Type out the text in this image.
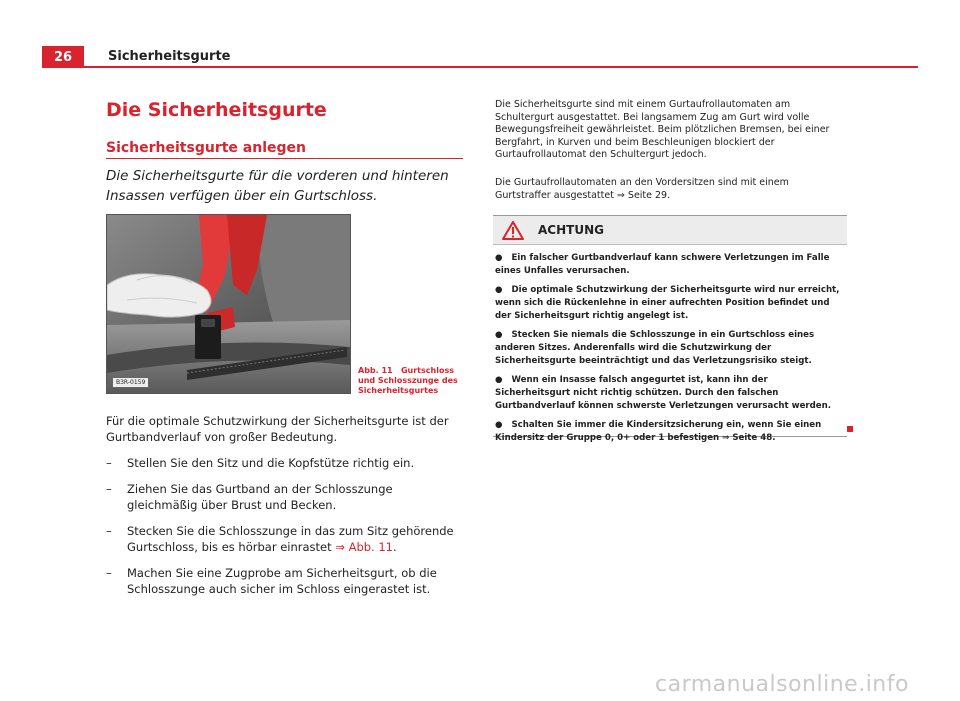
26	Sicherheitsgurte
Die Sicherheitsgurte
Sicherheitsgurte anlegen
Die Sicherheitsgurte für die vorderen und hinteren Insassen verfügen über ein Gurtschloss.
B3R-0159
Abb. 11 Gurtschloss und Schlosszunge des Sicherheitsgurtes
Für die optimale Schutzwirkung der Sicherheitsgurte ist der Gurtbandverlauf von großer Bedeutung.
– Stellen Sie den Sitz und die Kopfstütze richtig ein.
– Ziehen Sie das Gurtband an der Schlosszunge gleichmäßig über Brust und Becken.
– Stecken Sie die Schlosszunge in das zum Sitz gehörende Gurtschloss, bis es hörbar einrastet ⇒ Abb. 11.
– Machen Sie eine Zugprobe am Sicherheitsgurt, ob die Schlosszunge auch sicher im Schloss eingerastet ist.
Die Sicherheitsgurte sind mit einem Gurtaufrollautomaten am Schultergurt ausgestattet. Bei langsamem Zug am Gurt wird volle Bewegungsfreiheit gewährleistet. Beim plötzlichen Bremsen, bei einer Bergfahrt, in Kurven und beim Beschleunigen blockiert der Gurtaufrollautomat den Schultergurt jedoch.
Die Gurtaufrollautomaten an den Vordersitzen sind mit einem Gurtstraffer ausgestattet ⇒ Seite 29.
ACHTUNG
●   Ein falscher Gurtbandverlauf kann schwere Verletzungen im Falle eines Unfalles verursachen.
●   Die optimale Schutzwirkung der Sicherheitsgurte wird nur erreicht, wenn sich die Rückenlehne in einer aufrechten Position befindet und der Sicherheitsgurt richtig angelegt ist.
●   Stecken Sie niemals die Schlosszunge in ein Gurtschloss eines anderen Sitzes. Anderenfalls wird die Schutzwirkung der Sicherheitsgurte beeinträchtigt und das Verletzungsrisiko steigt.
●   Wenn ein Insasse falsch angegurtet ist, kann ihn der Sicherheitsgurt nicht richtig schützen. Durch den falschen Gurtbandverlauf können schwerste Verletzungen verursacht werden.
●   Schalten Sie immer die Kindersitzsicherung ein, wenn Sie einen Kindersitz der Gruppe 0, 0+ oder 1 befestigen ⇒ Seite 48.
carmanualsonline.info
